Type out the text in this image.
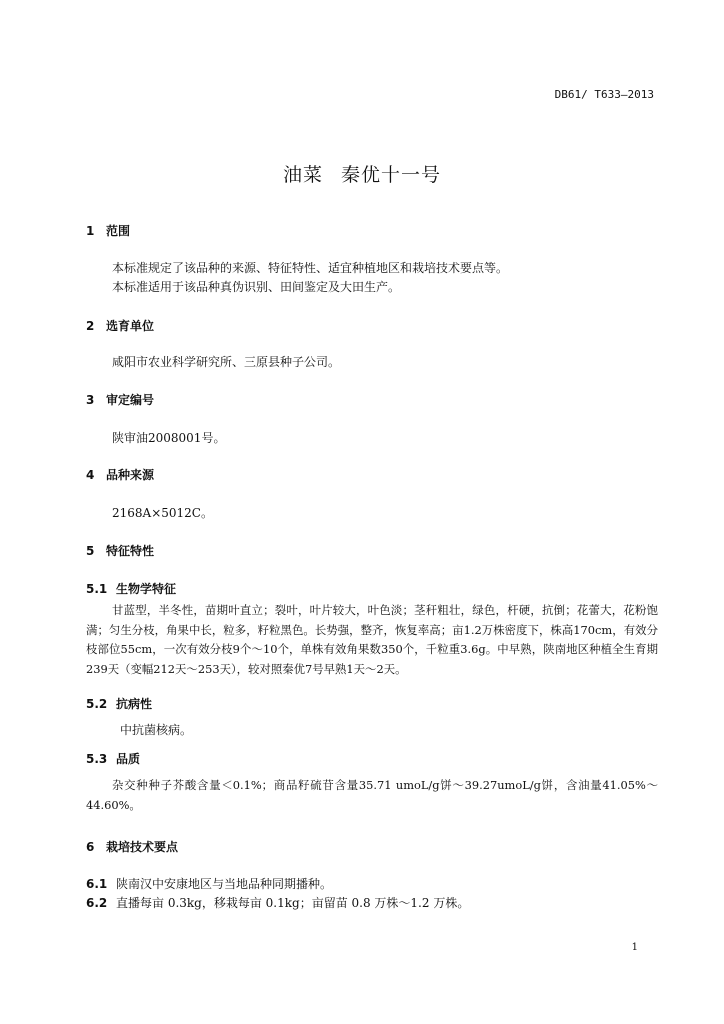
DB61/ T633—2013
油菜 秦优十一号
1 范围
本标准规定了该品种的来源、特征特性、适宜种植地区和栽培技术要点等。
本标准适用于该品种真伪识别、田间鉴定及大田生产。
2 选育单位
咸阳市农业科学研究所、三原县种子公司。
3 审定编号
陕审油2008001号。
4 品种来源
2168A×5012C。
5 特征特性
5.1 生物学特征

甘蓝型，半冬性，苗期叶直立；裂叶，叶片较大，叶色淡；茎秆粗壮，绿色，杆硬，抗倒；花蕾大，花粉饱满；匀生分枝，角果中长，粒多，籽粒黑色。长势强，整齐，恢复率高；亩1.2万株密度下，株高170cm，有效分枝部位55cm，一次有效分枝9个～10个，单株有效角果数350个，千粒重3.6g。中早熟，陕南地区种植全生育期239天（变幅212天～253天），较对照秦优7号早熟1天～2天。

5.2 抗病性
中抗菌核病。
5.3 品质

杂交种种子芥酸含量＜0.1%；商品籽硫苷含量35.71 umoL/g饼～39.27umoL/g饼，含油量41.05%～44.60%。

6 栽培技术要点
6.1 陕南汉中安康地区与当地品种同期播种。
6.2 直播每亩 0.3kg，移栽每亩 0.1kg；亩留苗 0.8 万株～1.2 万株。
1
